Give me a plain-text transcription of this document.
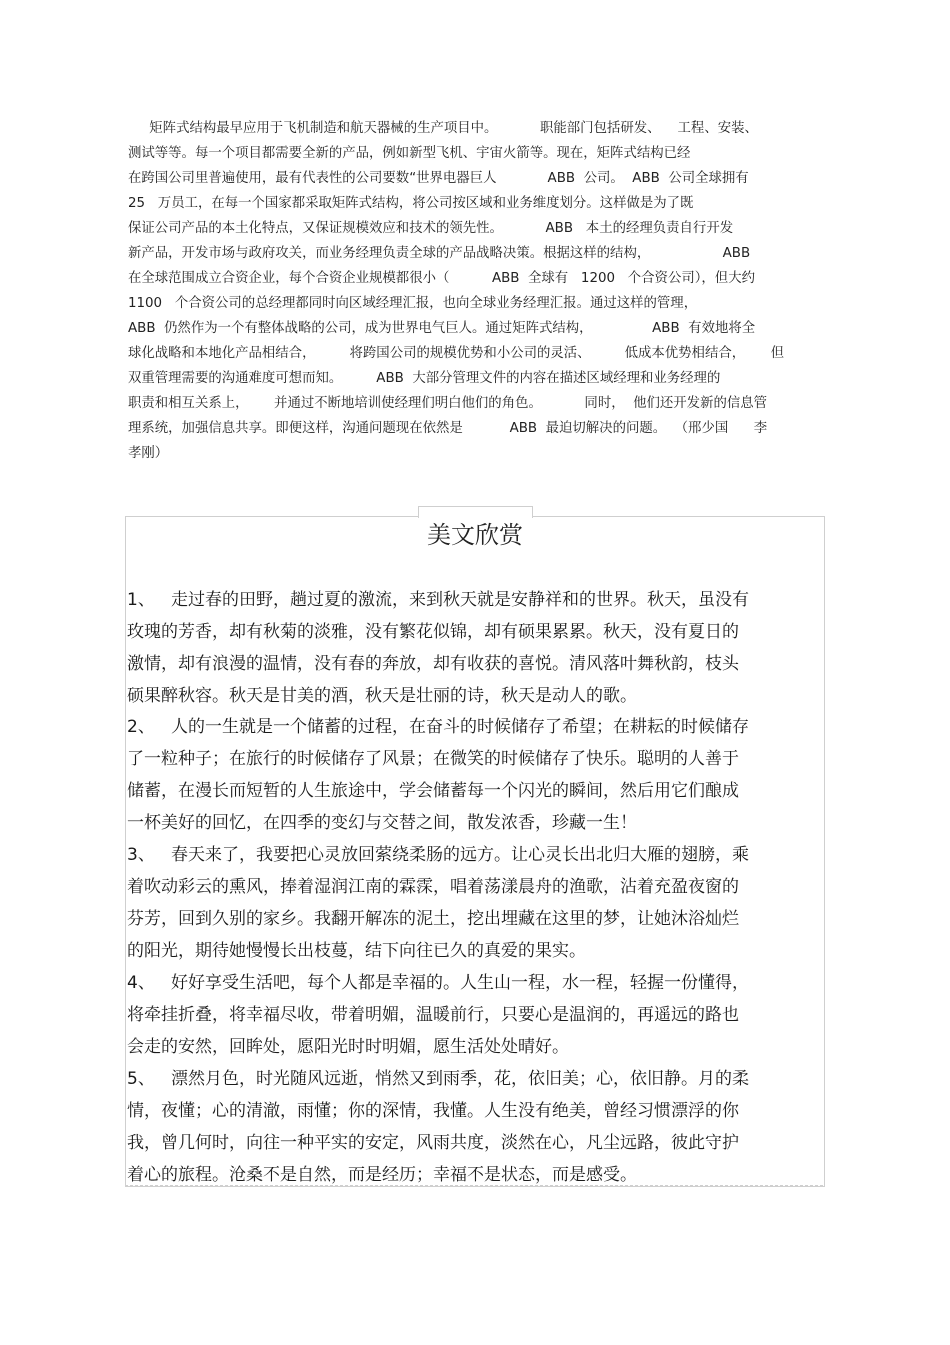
矩阵式结构最早应用于飞机制造和航天器械的生产项目中。          职能部门包括研发、    工程、安装、
测试等等。每一个项目都需要全新的产品，例如新型飞机、宇宙火箭等。现在，矩阵式结构已经
在跨国公司里普遍使用，最有代表性的公司要数“世界电器巨人            ABB  公司。  ABB  公司全球拥有
25   万员工，在每一个国家都采取矩阵式结构，将公司按区域和业务维度划分。这样做是为了既
保证公司产品的本土化特点，又保证规模效应和技术的领先性。          ABB   本土的经理负责自行开发
新产品，开发市场与政府攻关，而业务经理负责全球的产品战略决策。根据这样的结构，                 ABB
在全球范围成立合资企业，每个合资企业规模都很小（          ABB  全球有   1200   个合资公司），但大约
1100   个合资公司的总经理都同时向区域经理汇报，也向全球业务经理汇报。通过这样的管理，
ABB  仍然作为一个有整体战略的公司，成为世界电气巨人。通过矩阵式结构，              ABB  有效地将全
球化战略和本地化产品相结合，        将跨国公司的规模优势和小公司的灵活、        低成本优势相结合，      但
双重管理需要的沟通难度可想而知。        ABB  大部分管理文件的内容在描述区域经理和业务经理的
职责和相互关系上，      并通过不断地培训使经理们明白他们的角色。          同时，  他们还开发新的信息管
理系统，加强信息共享。即便这样，沟通问题现在依然是           ABB  最迫切解决的问题。  （邢少国      李
孝刚）
美文欣赏
1、   走过春的田野，趟过夏的激流，来到秋天就是安静祥和的世界。秋天，虽没有
玫瑰的芳香，却有秋菊的淡雅，没有繁花似锦，却有硕果累累。秋天，没有夏日的
激情，却有浪漫的温情，没有春的奔放，却有收获的喜悦。清风落叶舞秋韵，枝头
硕果醉秋容。秋天是甘美的酒，秋天是壮丽的诗，秋天是动人的歌。
2、   人的一生就是一个储蓄的过程，在奋斗的时候储存了希望；在耕耘的时候储存
了一粒种子；在旅行的时候储存了风景；在微笑的时候储存了快乐。聪明的人善于
储蓄，在漫长而短暂的人生旅途中，学会储蓄每一个闪光的瞬间，然后用它们酿成
一杯美好的回忆，在四季的变幻与交替之间，散发浓香，珍藏一生！
3、   春天来了，我要把心灵放回萦绕柔肠的远方。让心灵长出北归大雁的翅膀，乘
着吹动彩云的熏风，捧着湿润江南的霖霂，唱着荡漾晨舟的渔歌，沾着充盈夜窗的
芬芳，回到久别的家乡。我翻开解冻的泥土，挖出埋藏在这里的梦，让她沐浴灿烂
的阳光，期待她慢慢长出枝蔓，结下向往已久的真爱的果实。
4、   好好享受生活吧，每个人都是幸福的。人生山一程，水一程，轻握一份懂得，
将牵挂折叠，将幸福尽收，带着明媚，温暖前行，只要心是温润的，再遥远的路也
会走的安然，回眸处，愿阳光时时明媚，愿生活处处晴好。
5、   漂然月色，时光随风远逝，悄然又到雨季，花，依旧美；心，依旧静。月的柔
情，夜懂；心的清澈，雨懂；你的深情，我懂。人生没有绝美，曾经习惯漂浮的你
我，曾几何时，向往一种平实的安定，风雨共度，淡然在心，凡尘远路，彼此守护
着心的旅程。沧桑不是自然，而是经历；幸福不是状态，而是感受。
